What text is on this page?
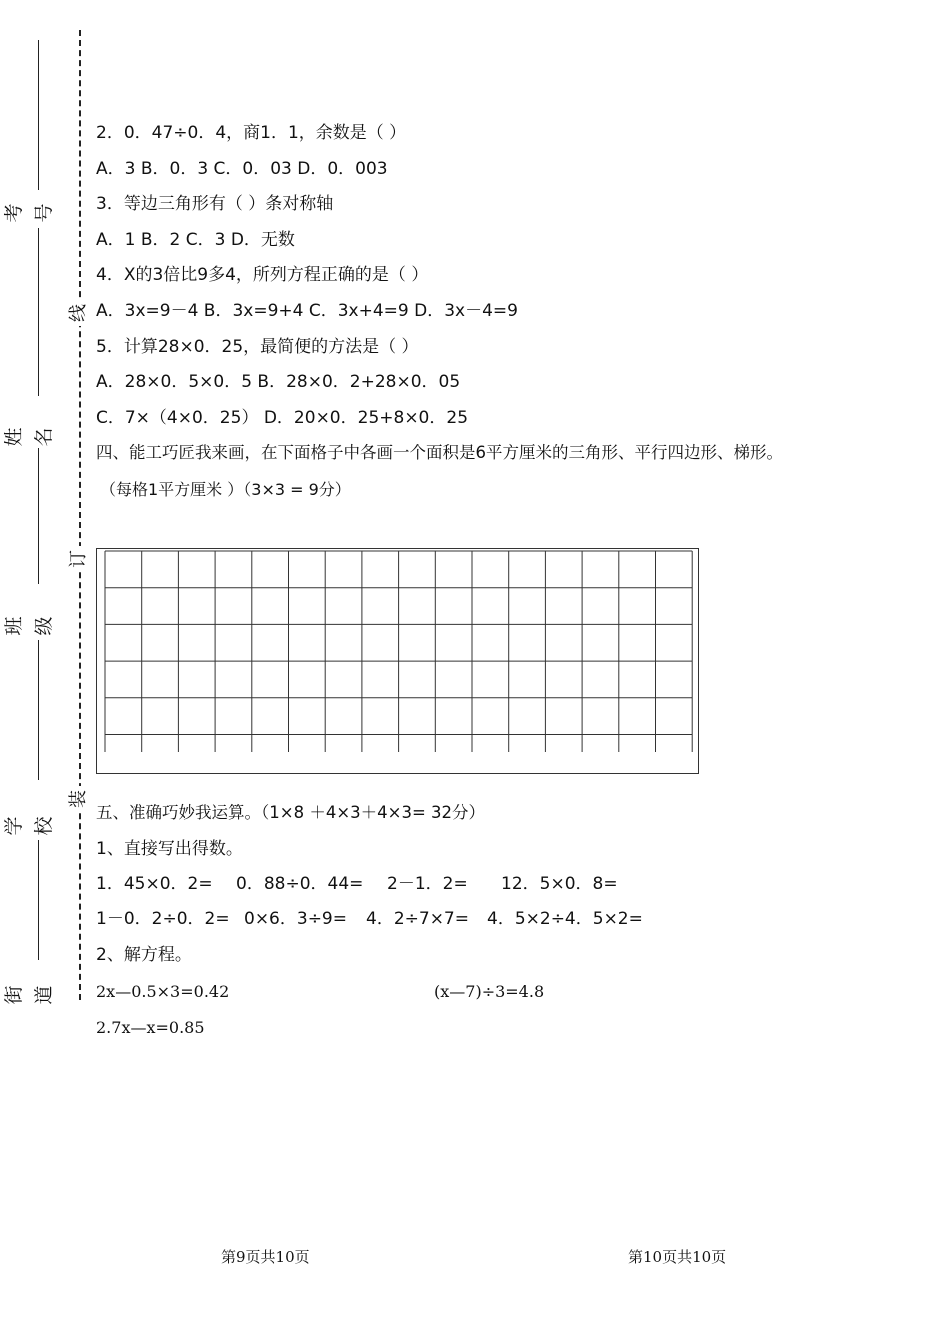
考号
姓名
班级
学校
街道
线
订
装
2．0．47÷0．4，商1．1，余数是（ ）
A．3 B．0．3 C．0．03 D．0．003
3．等边三角形有（ ）条对称轴
A．1 B．2 C．3 D．无数
4．X的3倍比9多4，所列方程正确的是（ ）
A．3x=9－4 B．3x=9+4 C．3x+4=9 D．3x－4=9
5．计算28×0．25，最简便的方法是（ ）
A．28×0．5×0．5 B．28×0．2+28×0．05
C．7×（4×0．25） D．20×0．25+8×0．25
四、能工巧匠我来画，在下面格子中各画一个面积是6平方厘米的三角形、平行四边形、梯形。
（每格1平方厘米 ）（3×3 = 9分）
五、准确巧妙我运算。（1×8 ＋4×3＋4×3= 32分）
1、直接写出得数。
1．45×0．2= 0．88÷0．44= 2－1．2= 12．5×0．8=
1－0．2÷0．2= 0×6．3÷9= 4．2÷7×7= 4．5×2÷4．5×2=
2、解方程。
2x—0.5×3=0.42	(x—7)÷3=4.8
2.7x—x=0.85
第9页共10页	第10页共10页
